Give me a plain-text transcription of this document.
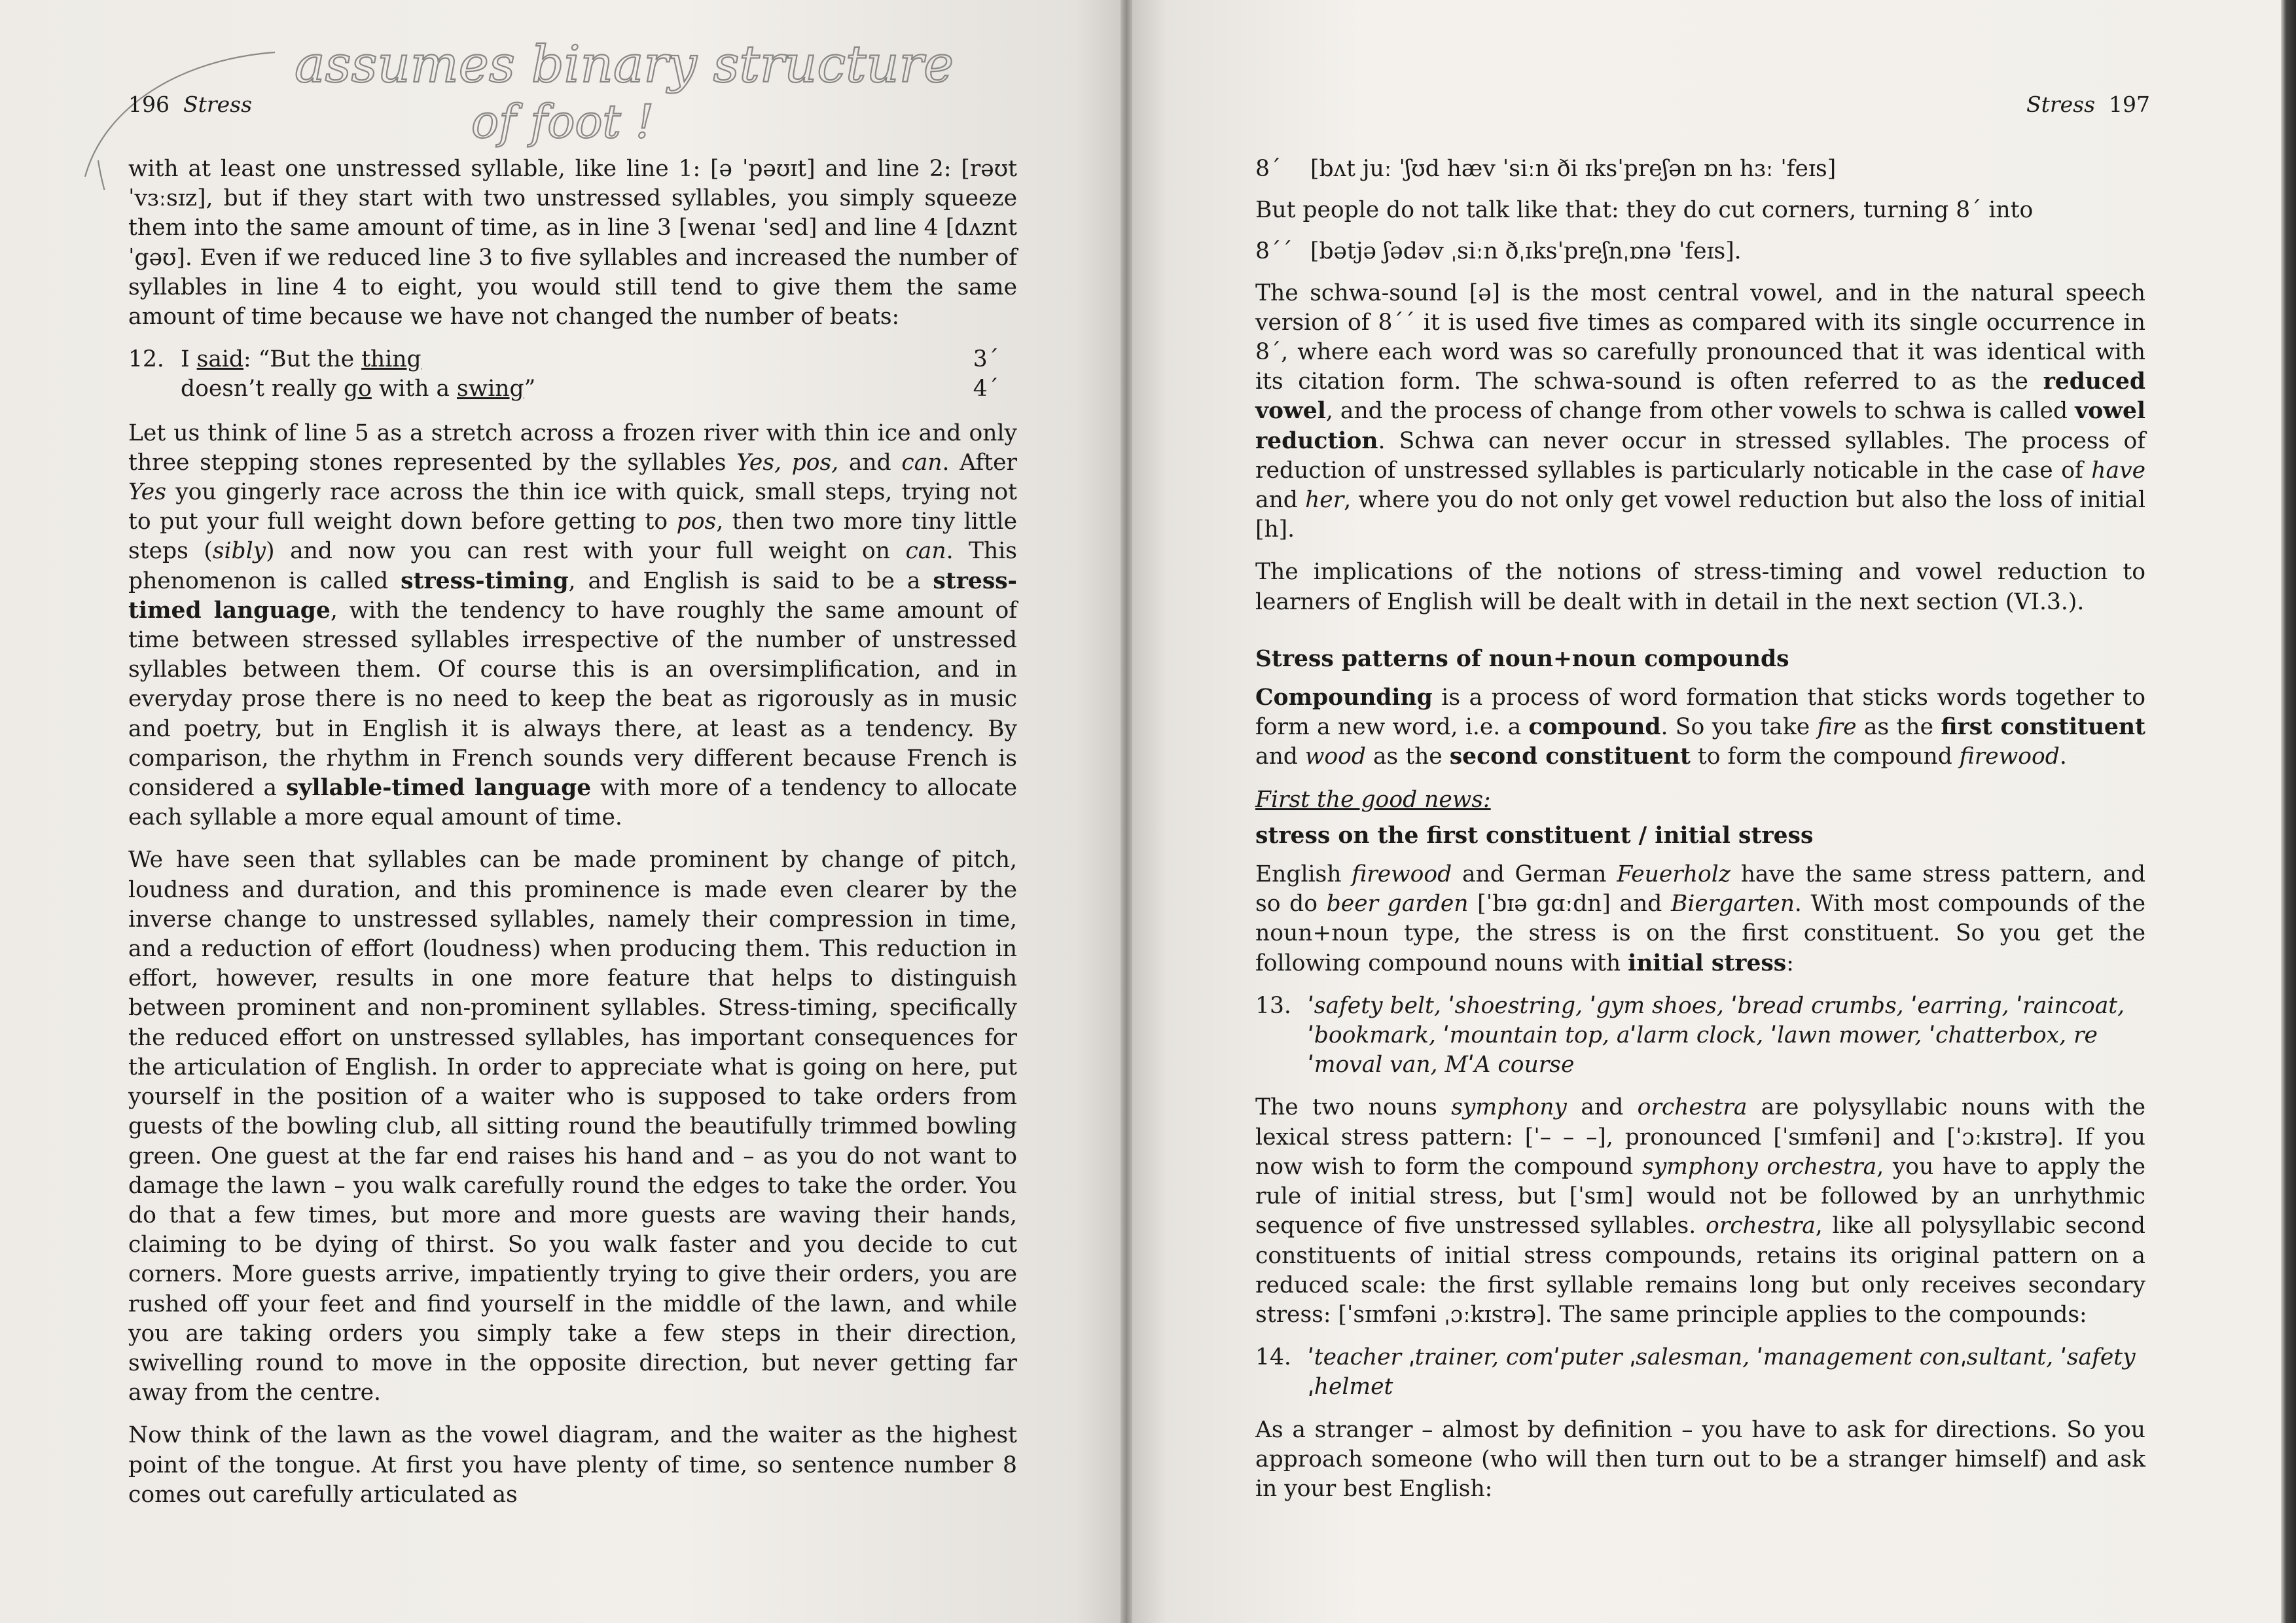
assumes binary structure
of foot !
196 Stress

with at least one unstressed syllable, like line 1: [ə ˈpəʊɪt] and line 2: [rəʊt ˈvɜːsɪz], but if they start with two unstressed syllables, you simply squeeze them into the same amount of time, as in line 3 [wenaɪ ˈsed] and line 4 [dʌznt ˈgəʊ]. Even if we reduced line 3 to five syllables and increased the number of syllables in line 4 to eight, you would still tend to give them the same amount of time because we have not changed the number of beats:

12. I said: “But the thing	3´
doesn’t really go with a swing”	4´

Let us think of line 5 as a stretch across a frozen river with thin ice and only three stepping stones represented by the syllables Yes, pos, and can. After Yes you gingerly race across the thin ice with quick, small steps, trying not to put your full weight down before getting to pos, then two more tiny little steps (sibly) and now you can rest with your full weight on can. This phenomenon is called stress-timing, and English is said to be a stress-timed language, with the tendency to have roughly the same amount of time between stressed syllables irrespective of the number of unstressed syllables between them. Of course this is an oversimplification, and in everyday prose there is no need to keep the beat as rigorously as in music and poetry, but in English it is always there, at least as a tendency. By comparison, the rhythm in French sounds very different because French is considered a syllable-timed language with more of a tendency to allocate each syllable a more equal amount of time.

We have seen that syllables can be made prominent by change of pitch, loudness and duration, and this prominence is made even clearer by the inverse change to unstressed syllables, namely their compression in time, and a reduction of effort (loudness) when producing them. This reduction in effort, however, results in one more feature that helps to distinguish between prominent and non-prominent syllables. Stress-timing, specifically the reduced effort on unstressed syllables, has important consequences for the articulation of English. In order to appreciate what is going on here, put yourself in the position of a waiter who is supposed to take orders from guests of the bowling club, all sitting round the beautifully trimmed bowling green. One guest at the far end raises his hand and – as you do not want to damage the lawn – you walk carefully round the edges to take the order. You do that a few times, but more and more guests are waving their hands, claiming to be dying of thirst. So you walk faster and you decide to cut corners. More guests arrive, impatiently trying to give their orders, you are rushed off your feet and find yourself in the middle of the lawn, and while you are taking orders you simply take a few steps in their direction, swivelling round to move in the opposite direction, but never getting far away from the centre.

Now think of the lawn as the vowel diagram, and the waiter as the highest point of the tongue. At first you have plenty of time, so sentence number 8 comes out carefully articulated as

Stress 197
8´	[bʌt juː ˈʃʊd hæv ˈsiːn ði ɪksˈpreʃən ɒn hɜː ˈfeɪs]

But people do not talk like that: they do cut corners, turning 8´ into

8´´ [bətjə ʃədəv ˌsiːn ðˌɪksˈpreʃnˌɒnə ˈfeɪs].

The schwa-sound [ə] is the most central vowel, and in the natural speech version of 8´´ it is used five times as compared with its single occurrence in 8´, where each word was so carefully pronounced that it was identical with its citation form. The schwa-sound is often referred to as the reduced vowel, and the process of change from other vowels to schwa is called vowel reduction. Schwa can never occur in stressed syllables. The process of reduction of unstressed syllables is particularly noticable in the case of have and her, where you do not only get vowel reduction but also the loss of initial [h].

The implications of the notions of stress-timing and vowel reduction to learners of English will be dealt with in detail in the next section (VI.3.).

Stress patterns of noun+noun compounds

Compounding is a process of word formation that sticks words together to form a new word, i.e. a compound. So you take fire as the first constituent and wood as the second constituent to form the compound firewood.

First the good news:
stress on the first constituent / initial stress

English firewood and German Feuerholz have the same stress pattern, and so do beer garden [ˈbɪə gɑːdn] and Biergarten. With most compounds of the noun+noun type, the stress is on the first constituent. So you get the following compound nouns with initial stress:

13. ˈsafety belt, ˈshoestring, ˈgym shoes, ˈbread crumbs, ˈearring, ˈraincoat, ˈbookmark, ˈmountain top, aˈlarm clock, ˈlawn mower, ˈchatterbox, reˈmoval van, MˈA course

The two nouns symphony and orchestra are polysyllabic nouns with the lexical stress pattern: [ˈ– – –], pronounced [ˈsɪmfəni] and [ˈɔːkɪstrə]. If you now wish to form the compound symphony orchestra, you have to apply the rule of initial stress, but [ˈsɪm] would not be followed by an unrhythmic sequence of five unstressed syllables. orchestra, like all polysyllabic second constituents of initial stress compounds, retains its original pattern on a reduced scale: the first syllable remains long but only receives secondary stress: [ˈsɪmfəni ˌɔːkɪstrə]. The same principle applies to the compounds:

14. ˈteacher ˌtrainer, comˈputer ˌsalesman, ˈmanagement conˌsultant, ˈsafety ˌhelmet

As a stranger – almost by definition – you have to ask for directions. So you approach someone (who will then turn out to be a stranger himself) and ask in your best English:
